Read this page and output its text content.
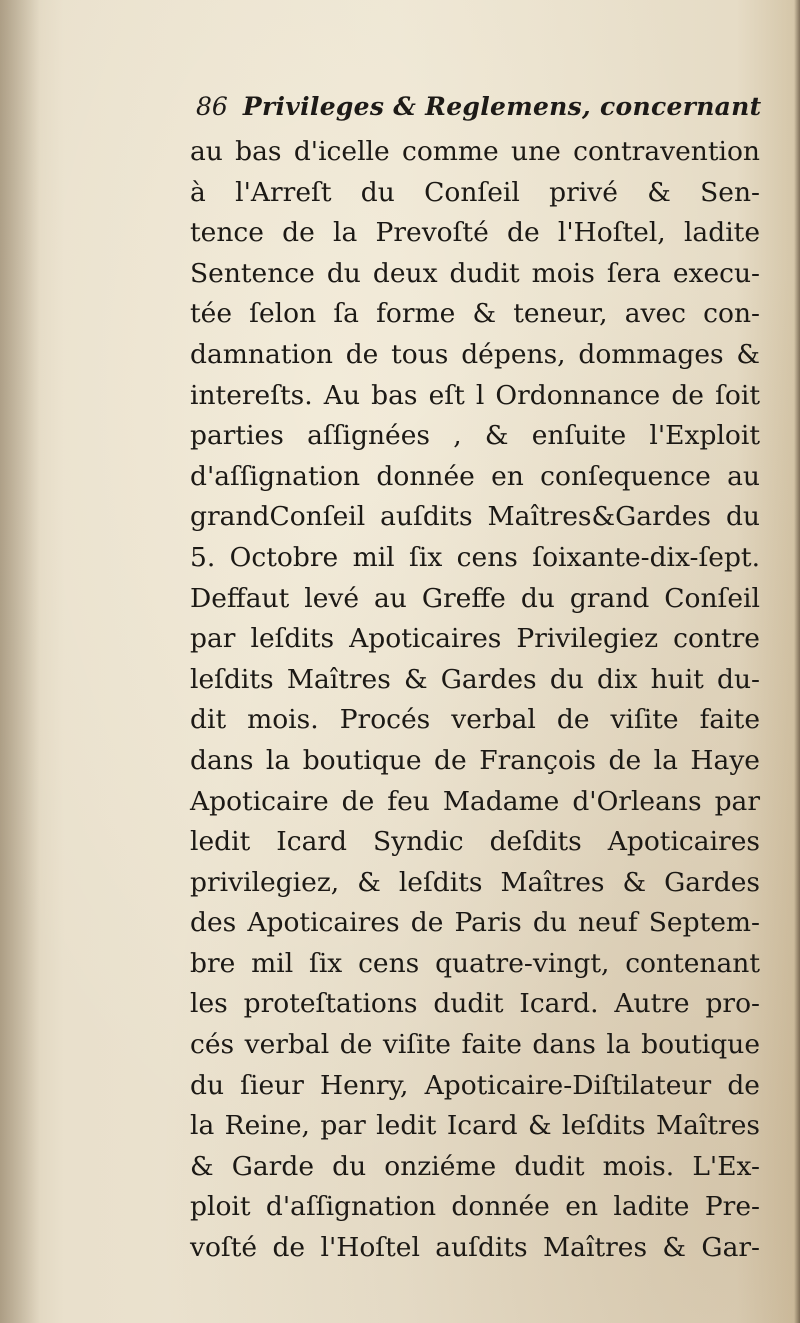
86 Privileges & Reglemens, concernant
au bas d'icelle comme une contravention
à l'Arreſt du Conſeil privé & Sen-
tence de la Prevoſté de l'Hoſtel, ladite
Sentence du deux dudit mois ſera execu-
tée ſelon ſa forme & teneur, avec con-
damnation de tous dépens, dommages &
intereſts. Au bas eſt l Ordonnance de ſoit
parties aſſignées , & enſuite l'Exploit
d'aſſignation donnée en conſequence au
grandConſeil auſdits Maîtres&Gardes du
5. Octobre mil ſix cens ſoixante-dix-ſept.
Deffaut levé au Greffe du grand Conſeil
par leſdits Apoticaires Privilegiez contre
leſdits Maîtres & Gardes du dix huit du-
dit mois. Procés verbal de viſite faite
dans la boutique de François de la Haye
Apoticaire de feu Madame d'Orleans par
ledit Icard Syndic deſdits Apoticaires
privilegiez, & leſdits Maîtres & Gardes
des Apoticaires de Paris du neuf Septem-
bre mil ſix cens quatre-vingt, contenant
les proteſtations dudit Icard. Autre pro-
cés verbal de viſite faite dans la boutique
du ſieur Henry, Apoticaire-Diſtilateur de
la Reine, par ledit Icard & leſdits Maîtres
& Garde du onziéme dudit mois. L'Ex-
ploit d'aſſignation donnée en ladite Pre-
voſté de l'Hoſtel auſdits Maîtres & Gar-
